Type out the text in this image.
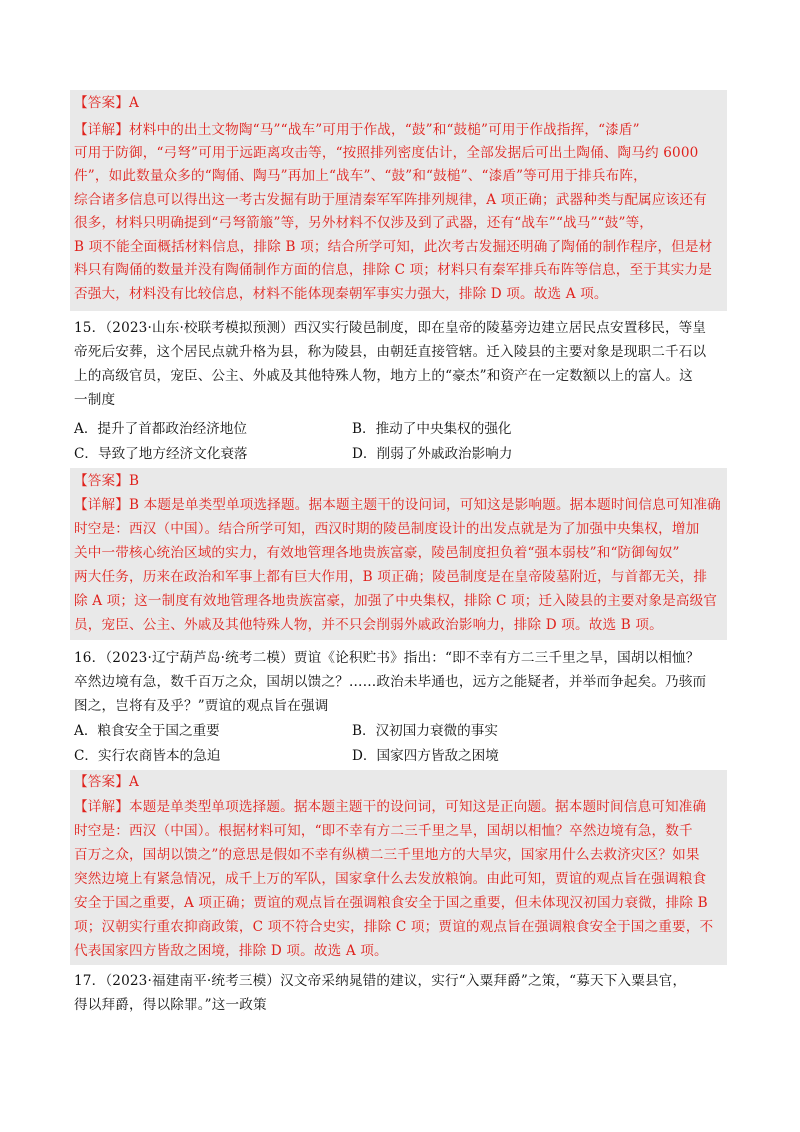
【答案】A
【详解】材料中的出土文物陶“马”“战车”可用于作战，“鼓”和“鼓槌”可用于作战指挥，“漆盾”
可用于防御，“弓弩”可用于远距离攻击等，“按照排列密度估计，全部发据后可出土陶俑、陶马约 6000
件”，如此数量众多的“陶俑、陶马”再加上“战车”、“鼓”和“鼓槌”、“漆盾”等可用于排兵布阵，
综合诸多信息可以得出这一考古发掘有助于厘清秦军军阵排列规律，A 项正确；武器种类与配属应该还有
很多，材料只明确提到“弓弩箭箙”等，另外材料不仅涉及到了武器，还有“战车”“战马”“鼓”等，
B 项不能全面概括材料信息，排除 B 项；结合所学可知，此次考古发掘还明确了陶俑的制作程序，但是材
料只有陶俑的数量并没有陶俑制作方面的信息，排除 C 项；材料只有秦军排兵布阵等信息，至于其实力是
否强大，材料没有比较信息，材料不能体现秦朝军事实力强大，排除 D 项。故选 A 项。
15．（2023·山东·校联考模拟预测）西汉实行陵邑制度，即在皇帝的陵墓旁边建立居民点安置移民，等皇
帝死后安葬，这个居民点就升格为县，称为陵县，由朝廷直接管辖。迁入陵县的主要对象是现职二千石以
上的高级官员，宠臣、公主、外戚及其他特殊人物，地方上的“豪杰”和资产在一定数额以上的富人。这
一制度
A．提升了首都政治经济地位	B．推动了中央集权的强化
C．导致了地方经济文化衰落	D．削弱了外戚政治影响力
【答案】B
【详解】B 本题是单类型单项选择题。据本题主题干的设问词，可知这是影响题。据本题时间信息可知准确
时空是：西汉（中国）。结合所学可知，西汉时期的陵邑制度设计的出发点就是为了加强中央集权，增加
关中一带核心统治区域的实力，有效地管理各地贵族富豪，陵邑制度担负着“强本弱枝”和“防御匈奴”
两大任务，历来在政治和军事上都有巨大作用，B 项正确；陵邑制度是在皇帝陵墓附近，与首都无关，排
除 A 项；这一制度有效地管理各地贵族富豪，加强了中央集权，排除 C 项；迁入陵县的主要对象是高级官
员，宠臣、公主、外戚及其他特殊人物，并不只会削弱外戚政治影响力，排除 D 项。故选 B 项。
16．（2023·辽宁葫芦岛·统考二模）贾谊《论积贮书》指出：“即不幸有方二三千里之旱，国胡以相恤？
卒然边境有急，数千百万之众，国胡以馈之？……政治未毕通也，远方之能疑者，并举而争起矣。乃骇而
图之，岂将有及乎？”贾谊的观点旨在强调
A．粮食安全于国之重要	B．汉初国力衰微的事实
C．实行农商皆本的急迫	D．国家四方皆敌之困境
【答案】A
【详解】本题是单类型单项选择题。据本题主题干的设问词，可知这是正向题。据本题时间信息可知准确
时空是：西汉（中国）。根据材料可知，“即不幸有方二三千里之旱，国胡以相恤？卒然边境有急，数千
百万之众，国胡以馈之”的意思是假如不幸有纵横二三千里地方的大旱灾，国家用什么去救济灾区？如果
突然边境上有紧急情况，成千上万的军队，国家拿什么去发放粮饷。由此可知，贾谊的观点旨在强调粮食
安全于国之重要，A 项正确；贾谊的观点旨在强调粮食安全于国之重要，但未体现汉初国力衰微，排除 B
项；汉朝实行重农抑商政策，C 项不符合史实，排除 C 项；贾谊的观点旨在强调粮食安全于国之重要，不
代表国家四方皆敌之困境，排除 D 项。故选 A 项。
17．（2023·福建南平·统考三模）汉文帝采纳晁错的建议，实行“入粟拜爵”之策，“募天下入粟县官，
得以拜爵，得以除罪。”这一政策
